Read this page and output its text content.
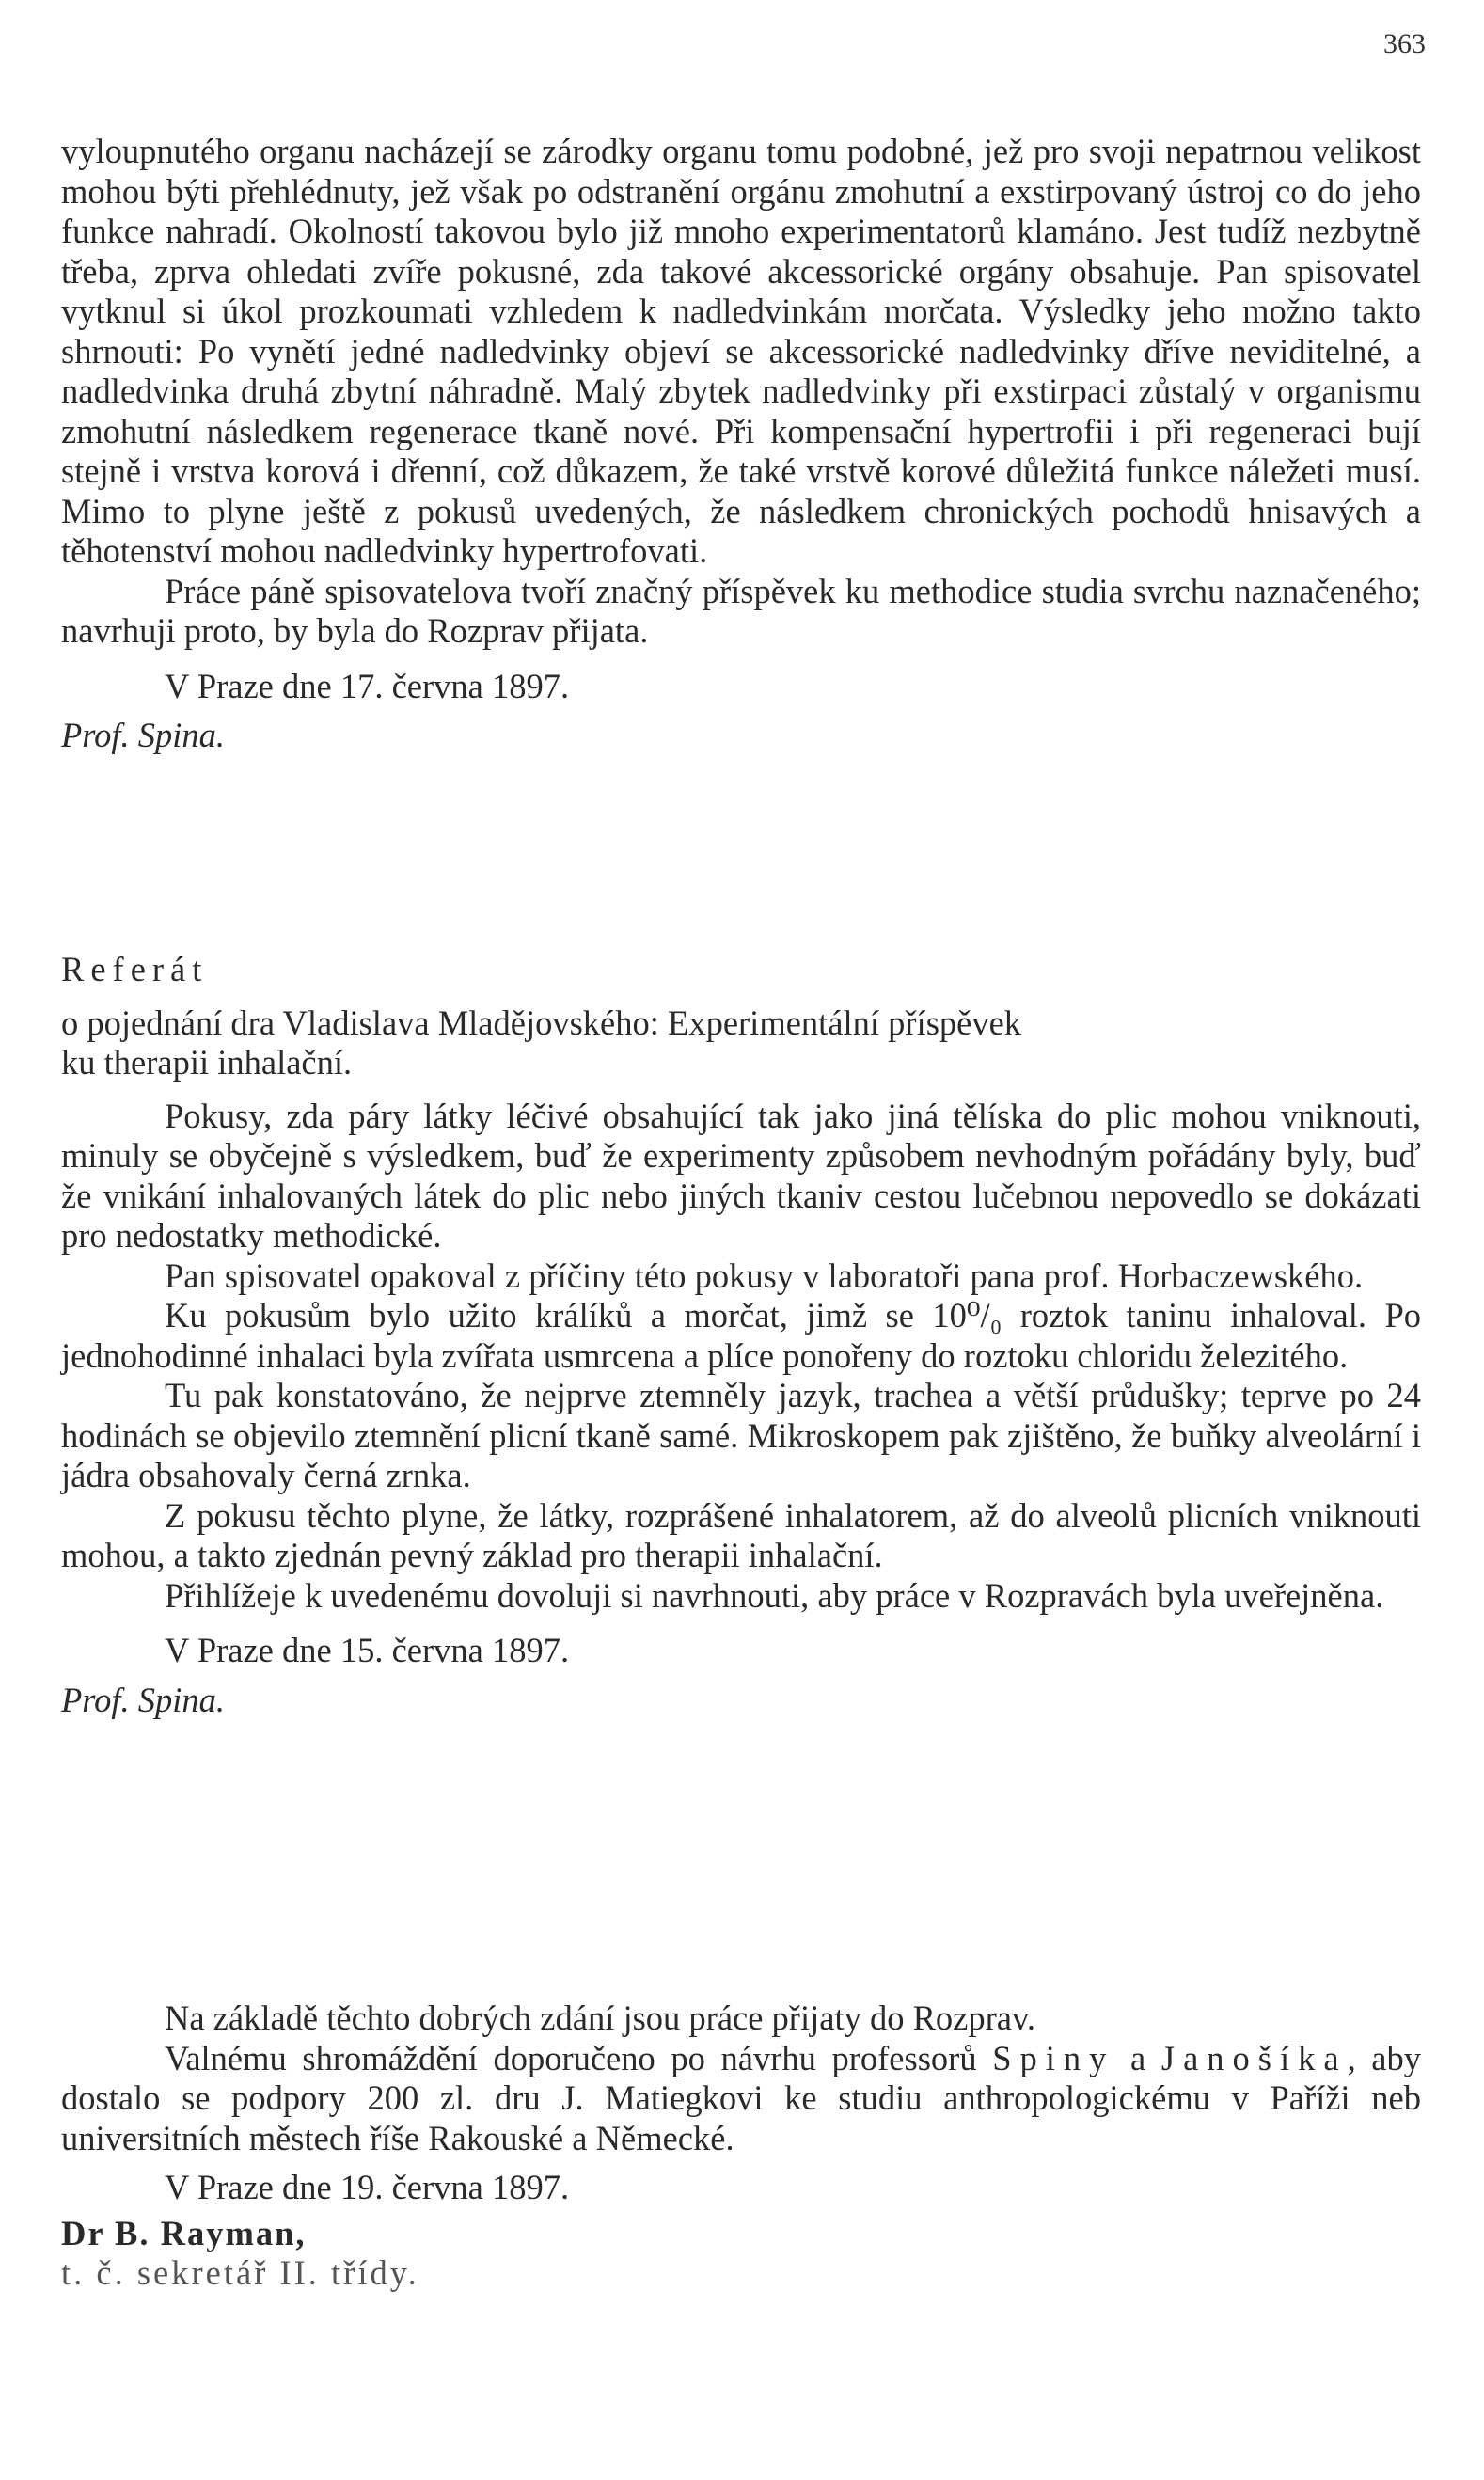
363

vyloupnutého organu nacházejí se zárodky organu tomu podobné, jež pro svoji nepatrnou velikost mohou býti přehlédnuty, jež však po odstranění orgánu zmohutní a exstirpovaný ústroj co do jeho funkce nahradí. Okolností takovou bylo již mnoho experimentatorů klamáno. Jest tudíž nezbytně třeba, zprva ohledati zvíře pokusné, zda takové akcessorické orgány obsahuje. Pan spisovatel vytknul si úkol prozkoumati vzhledem k nadledvinkám morčata. Výsledky jeho možno takto shrnouti: Po vynětí jedné nadledvinky objeví se akcessorické nadledvinky dříve neviditelné, a nadledvinka druhá zbytní náhradně. Malý zbytek nadledvinky při exstirpaci zůstalý v organismu zmohutní následkem regenerace tkaně nové. Při kompensační hypertrofii i při regeneraci bují stejně i vrstva korová i dřenní, což důkazem, že také vrstvě korové důležitá funkce náležeti musí. Mimo to plyne ještě z pokusů uvedených, že následkem chronických pochodů hnisavých a těhotenství mohou nadledvinky hypertrofovati.

Práce páně spisovatelova tvoří značný příspěvek ku methodice studia svrchu naznačeného; navrhuji proto, by byla do Rozprav přijata.

V Praze dne 17. června 1897.

Prof. Spina.

Referát

o pojednání dra Vladislava Mladějovského: Experimentální příspěvek

ku therapii inhalační.

Pokusy, zda páry látky léčivé obsahující tak jako jiná tělíska do plic mohou vniknouti, minuly se obyčejně s výsledkem, buď že experimenty způsobem nevhodným pořádány byly, buď že vnikání inhalovaných látek do plic nebo jiných tkaniv cestou lučebnou nepovedlo se dokázati pro nedostatky methodické.

Pan spisovatel opakoval z příčiny této pokusy v laboratoři pana prof. Horbaczewského.

Ku pokusům bylo užito králíků a morčat, jimž se 10⁰/₀ roztok taninu inhaloval. Po jednohodinné inhalaci byla zvířata usmrcena a plíce ponořeny do roztoku chloridu železitého.

Tu pak konstatováno, že nejprve ztemněly jazyk, trachea a větší průdušky; teprve po 24 hodinách se objevilo ztemnění plicní tkaně samé. Mikroskopem pak zjištěno, že buňky alveolární i jádra obsahovaly černá zrnka.

Z pokusu těchto plyne, že látky, rozprášené inhalatorem, až do alveolů plicních vniknouti mohou, a takto zjednán pevný základ pro therapii inhalační.

Přihlížeje k uvedenému dovoluji si navrhnouti, aby práce v Rozpravách byla uveřejněna.

V Praze dne 15. června 1897.

Prof. Spina.

Na základě těchto dobrých zdání jsou práce přijaty do Rozprav.

Valnému shromáždění doporučeno po návrhu professorů Spiny a Janošíka, aby dostalo se podpory 200 zl. dru J. Matiegkovi ke studiu anthropologickému v Paříži neb universitních městech říše Rakouské a Německé.

V Praze dne 19. června 1897.

Dr B. Rayman,

t. č. sekretář II. třídy.
